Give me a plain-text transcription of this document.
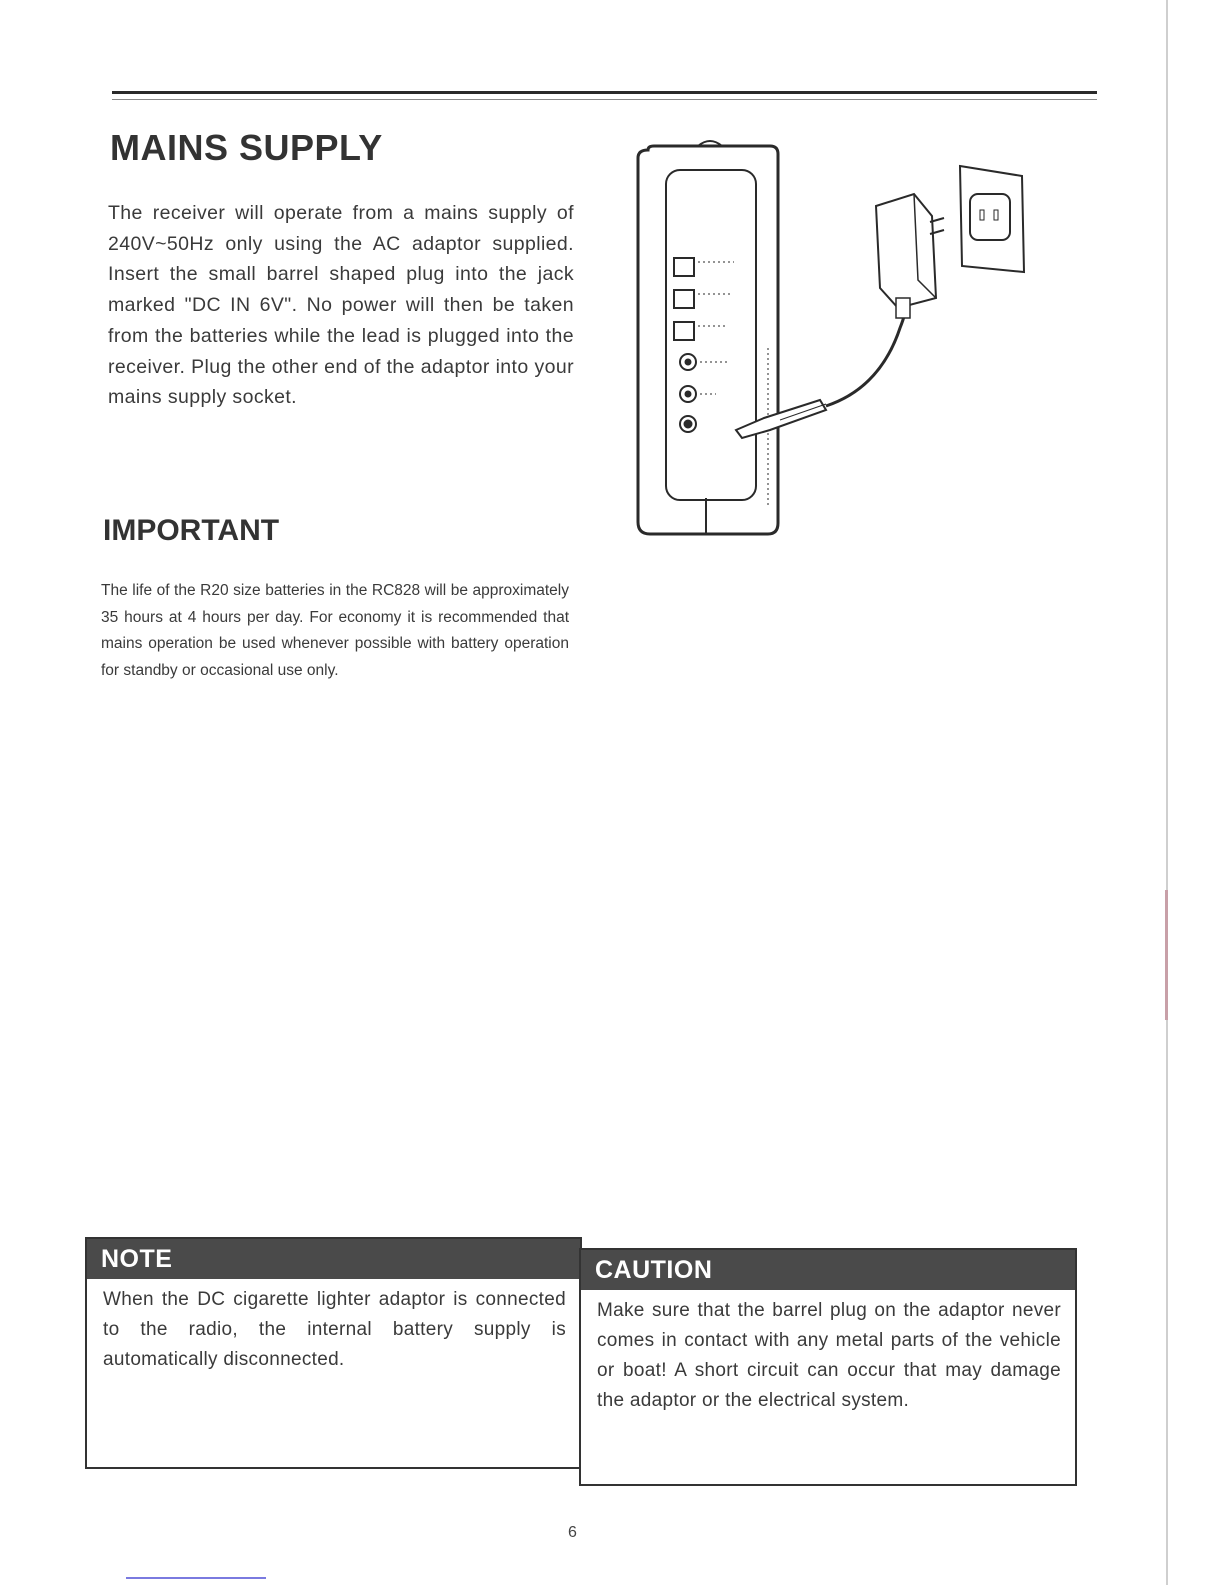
MAINS SUPPLY

The receiver will operate from a mains supply of 240V~50Hz only using the AC adaptor supplied. Insert the small barrel shaped plug into the jack marked "DC IN 6V". No power will then be taken from the batteries while the lead is plugged into the receiver. Plug the other end of the adaptor into your mains supply socket.

IMPORTANT

The life of the R20 size batteries in the RC828 will be approximately 35 hours at 4 hours per day. For economy it is recommended that mains operation be used whenever possible with battery operation for standby or occasional use only.

NOTE

When the DC cigarette lighter adaptor is connected to the radio, the internal battery supply is automatically disconnected.

CAUTION

Make sure that the barrel plug on the adaptor never comes in contact with any metal parts of the vehicle or boat! A short circuit can occur that may damage the adaptor or the electrical system.

6
